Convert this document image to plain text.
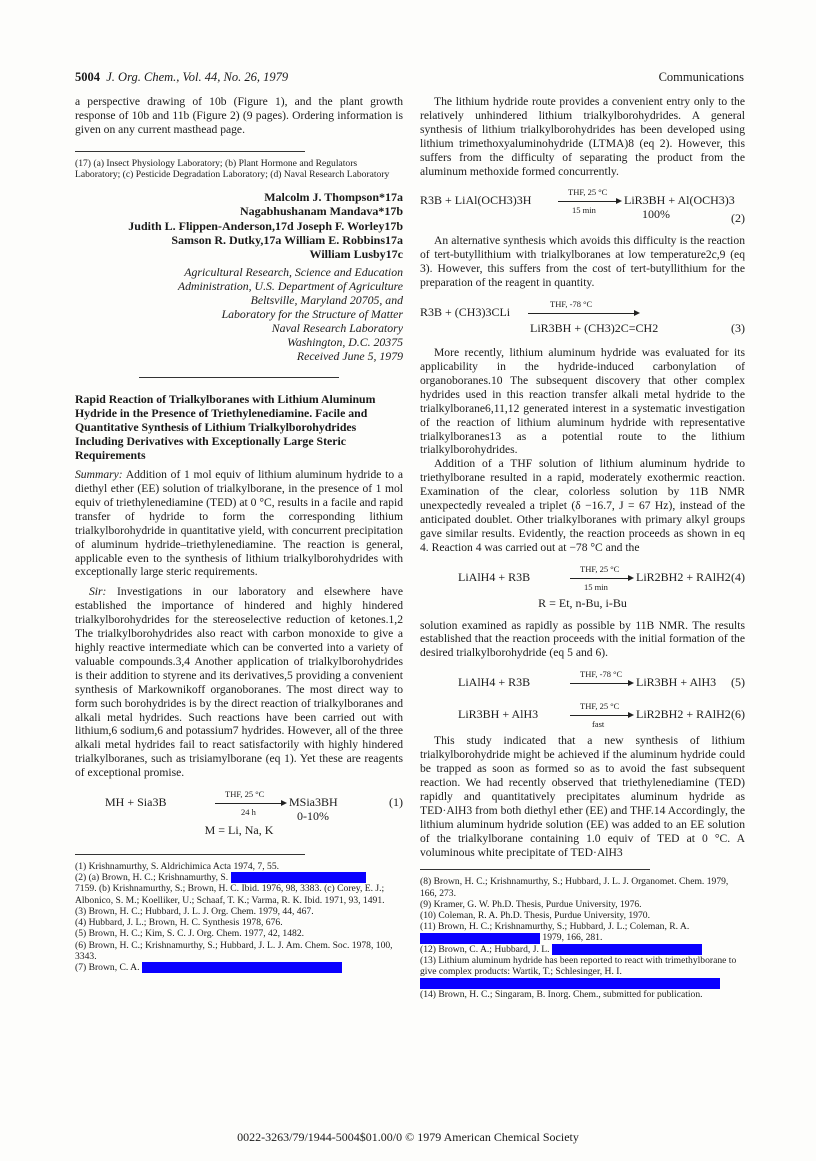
5004 J. Org. Chem., Vol. 44, No. 26, 1979	Communications

a perspective drawing of 10b (Figure 1), and the plant growth response of 10b and 11b (Figure 2) (9 pages). Ordering information is given on any current masthead page.

(17) (a) Insect Physiology Laboratory; (b) Plant Hormone and Regulators Laboratory; (c) Pesticide Degradation Laboratory; (d) Naval Research Laboratory

Malcolm J. Thompson*17a
Nagabhushanam Mandava*17b
Judith L. Flippen-Anderson,17d Joseph F. Worley17b
Samson R. Dutky,17a William E. Robbins17a
William Lusby17c
Agricultural Research, Science and Education
Administration, U.S. Department of Agriculture
Beltsville, Maryland 20705, and
Laboratory for the Structure of Matter
Naval Research Laboratory
Washington, D.C. 20375
Received June 5, 1979
Rapid Reaction of Trialkylboranes with Lithium Aluminum Hydride in the Presence of Triethylenediamine. Facile and Quantitative Synthesis of Lithium Trialkylborohydrides Including Derivatives with Exceptionally Large Steric Requirements

Summary: Addition of 1 mol equiv of lithium aluminum hydride to a diethyl ether (EE) solution of trialkylborane, in the presence of 1 mol equiv of triethylenediamine (TED) at 0 °C, results in a facile and rapid transfer of hydride to form the corresponding lithium trialkylborohydride in quantitative yield, with concurrent precipitation of aluminum hydride–triethylenediamine. The reaction is general, applicable even to the synthesis of lithium trialkylborohydrides with exceptionally large steric requirements.

Sir: Investigations in our laboratory and elsewhere have established the importance of hindered and highly hindered trialkylborohydrides for the stereoselective reduction of ketones.1,2 The trialkylborohydrides also react with carbon monoxide to give a highly reactive intermediate which can be converted into a variety of valuable compounds.3,4 Another application of trialkylborohydrides is their addition to styrene and its derivatives,5 providing a convenient synthesis of Markownikoff organoboranes. The most direct way to form such borohydrides is by the direct reaction of trialkylboranes and alkali metal hydrides. Such reactions have been carried out with lithium,6 sodium,6 and potassium7 hydrides. However, all of the three alkali metal hydrides fail to react satisfactorily with highly hindered trialkylboranes, such as trisiamylborane (eq 1). Yet these are reagents of exceptional promise.

MH + Sia3B
THF, 25 °C
24 h
MSia3BH
0-10%
(1)
M = Li, Na, K

(1) Krishnamurthy, S. Aldrichimica Acta 1974, 7, 55.

(2) (a) Brown, H. C.; Krishnamurthy, S.

7159. (b) Krishnamurthy, S.; Brown, H. C. Ibid. 1976, 98, 3383. (c) Corey, E. J.; Albonico, S. M.; Koelliker, U.; Schaaf, T. K.; Varma, R. K. Ibid. 1971, 93, 1491.

(3) Brown, H. C.; Hubbard, J. L. J. Org. Chem. 1979, 44, 467.

(4) Hubbard, J. L.; Brown, H. C. Synthesis 1978, 676.

(5) Brown, H. C.; Kim, S. C. J. Org. Chem. 1977, 42, 1482.

(6) Brown, H. C.; Krishnamurthy, S.; Hubbard, J. L. J. Am. Chem. Soc. 1978, 100, 3343.

(7) Brown, C. A.

The lithium hydride route provides a convenient entry only to the relatively unhindered lithium trialkylborohydrides. A general synthesis of lithium trialkylborohydrides has been developed using lithium trimethoxyaluminohydride (LTMA)8 (eq 2). However, this suffers from the difficulty of separating the product from the aluminum methoxide formed concurrently.

R3B + LiAl(OCH3)3H
THF, 25 °C
15 min
LiR3BH + Al(OCH3)3
100%	(2)

An alternative synthesis which avoids this difficulty is the reaction of tert-butyllithium with trialkylboranes at low temperature2c,9 (eq 3). However, this suffers from the cost of tert-butyllithium for the preparation of the reagent in quantity.

R3B + (CH3)3CLi
THF, -78 °C
LiR3BH + (CH3)2C=CH2	(3)

More recently, lithium aluminum hydride was evaluated for its applicability in the hydride-induced carbonylation of organoboranes.10 The subsequent discovery that other complex hydrides used in this reaction transfer alkali metal hydride to the trialkylborane6,11,12 generated interest in a systematic investigation of the reaction of lithium aluminum hydride with representative trialkylboranes13 as a potential route to the lithium trialkylborohydrides.

Addition of a THF solution of lithium aluminum hydride to triethylborane resulted in a rapid, moderately exothermic reaction. Examination of the clear, colorless solution by 11B NMR unexpectedly revealed a triplet (δ −16.7, J = 67 Hz), instead of the anticipated doublet. Other trialkylboranes with primary alkyl groups gave similar results. Evidently, the reaction proceeds as shown in eq 4. Reaction 4 was carried out at −78 °C and the

LiAlH4 + R3B
THF, 25 °C
15 min
LiR2BH2 + RAlH2 (4)
R = Et, n-Bu, i-Bu

solution examined as rapidly as possible by 11B NMR. The results established that the reaction proceeds with the initial formation of the desired trialkylborohydride (eq 5 and 6).

LiAlH4 + R3B
THF, -78 °C
LiR3BH + AlH3 (5)
LiR3BH + AlH3
THF, 25 °C
fast
LiR2BH2 + RAlH2 (6)

This study indicated that a new synthesis of lithium trialkylborohydride might be achieved if the aluminum hydride could be trapped as soon as formed so as to avoid the fast subsequent reaction. We had recently observed that triethylenediamine (TED) rapidly and quantitatively precipitates aluminum hydride as TED·AlH3 from both diethyl ether (EE) and THF.14 Accordingly, the lithium aluminum hydride solution (EE) was added to an EE solution of the trialkylborane containing 1.0 equiv of TED at 0 °C. A voluminous white precipitate of TED·AlH3

(8) Brown, H. C.; Krishnamurthy, S.; Hubbard, J. L. J. Organomet. Chem. 1979, 166, 273.

(9) Kramer, G. W. Ph.D. Thesis, Purdue University, 1976.

(10) Coleman, R. A. Ph.D. Thesis, Purdue University, 1970.

(11) Brown, H. C.; Krishnamurthy, S.; Hubbard, J. L.; Coleman, R. A.

1979, 166, 281.

(12) Brown, C. A.; Hubbard, J. L.

(13) Lithium aluminum hydride has been reported to react with trimethylborane to give complex products: Wartik, T.; Schlesinger, H. I.

(14) Brown, H. C.; Singaram, B. Inorg. Chem., submitted for publication.

0022-3263/79/1944-5004$01.00/0 © 1979 American Chemical Society
